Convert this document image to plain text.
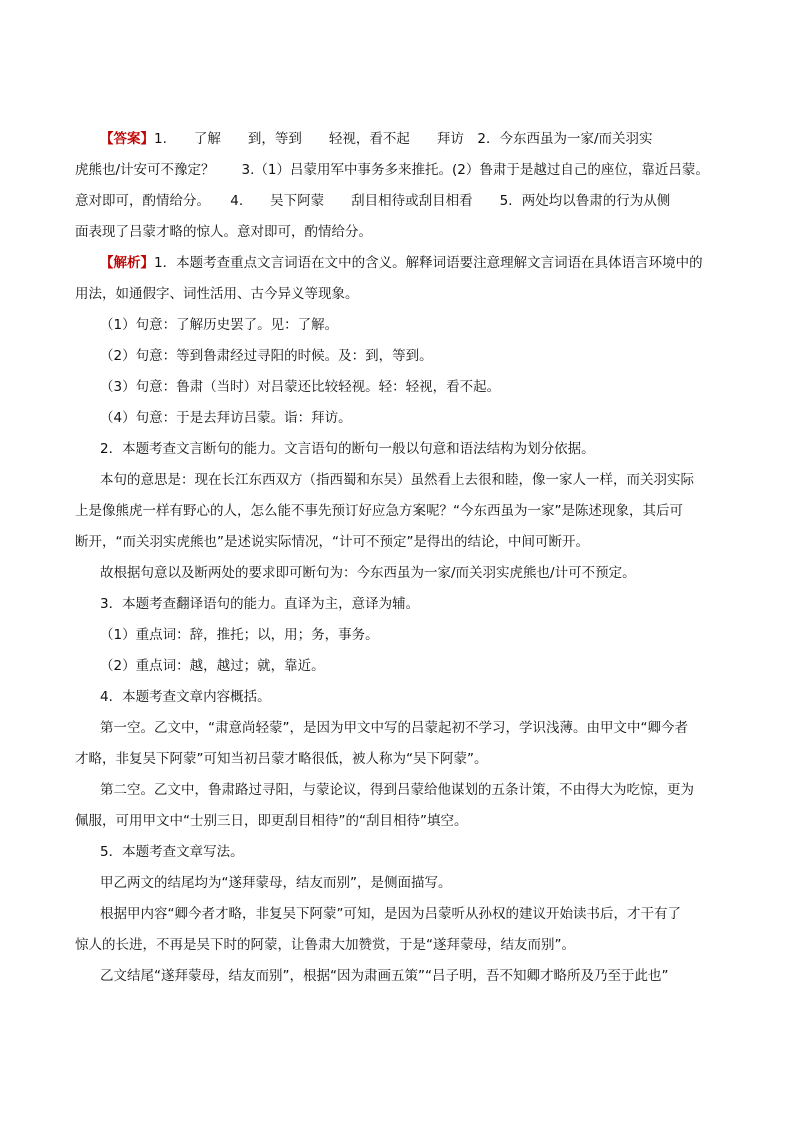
【答案】1.　　了解　　到，等到　　轻视，看不起　　拜访　2．今东西虽为一家/而关羽实
虎熊也/计安可不豫定？　　3.（1）吕蒙用军中事务多来推托。(2）鲁肃于是越过自己的座位，靠近吕蒙。
意对即可，酌情给分。　　4.　　吴下阿蒙　　刮目相待或刮目相看　　5．两处均以鲁肃的行为从侧
面表现了吕蒙才略的惊人。意对即可，酌情给分。
【解析】1．本题考查重点文言词语在文中的含义。解释词语要注意理解文言词语在具体语言环境中的
用法，如通假字、词性活用、古今异义等现象。
（1）句意：了解历史罢了。见：了解。
（2）句意：等到鲁肃经过寻阳的时候。及：到，等到。
（3）句意：鲁肃（当时）对吕蒙还比较轻视。轻：轻视，看不起。
（4）句意：于是去拜访吕蒙。诣：拜访。
2．本题考查文言断句的能力。文言语句的断句一般以句意和语法结构为划分依据。
本句的意思是：现在长江东西双方（指西蜀和东吴）虽然看上去很和睦，像一家人一样，而关羽实际
上是像熊虎一样有野心的人，怎么能不事先预订好应急方案呢？“今东西虽为一家”是陈述现象，其后可
断开，“而关羽实虎熊也”是述说实际情况，“计可不预定”是得出的结论，中间可断开。
故根据句意以及断两处的要求即可断句为：今东西虽为一家/而关羽实虎熊也/计可不预定。
3．本题考查翻译语句的能力。直译为主，意译为辅。
（1）重点词：辞，推托；以，用；务，事务。
（2）重点词：越，越过；就，靠近。
4．本题考查文章内容概括。
第一空。乙文中，“肃意尚轻蒙”，是因为甲文中写的吕蒙起初不学习，学识浅薄。由甲文中“卿今者
才略，非复吴下阿蒙”可知当初吕蒙才略很低，被人称为“吴下阿蒙”。
第二空。乙文中，鲁肃路过寻阳，与蒙论议，得到吕蒙给他谋划的五条计策，不由得大为吃惊，更为
佩服，可用甲文中“士别三日，即更刮目相待”的“刮目相待”填空。
5．本题考查文章写法。
甲乙两文的结尾均为“遂拜蒙母，结友而别”，是侧面描写。
根据甲内容“卿今者才略，非复吴下阿蒙”可知，是因为吕蒙听从孙权的建议开始读书后，才干有了
惊人的长进，不再是吴下时的阿蒙，让鲁肃大加赞赏，于是“遂拜蒙母，结友而别”。
乙文结尾“遂拜蒙母，结友而别”，根据“因为肃画五策”“吕子明，吾不知卿才略所及乃至于此也”
